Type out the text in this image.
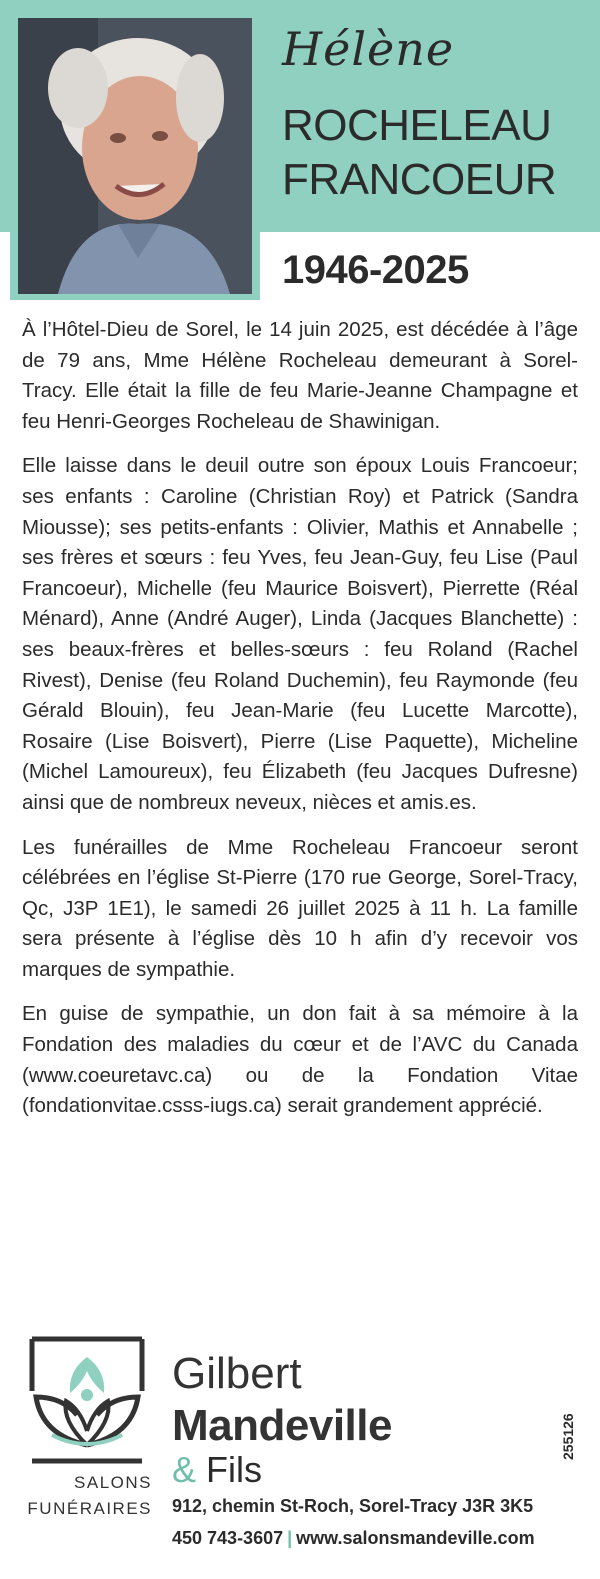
Hélène
ROCHELEAU
FRANCOEUR
1946-2025

À l’Hôtel-Dieu de Sorel, le 14 juin 2025, est décédée à l’âge de 79 ans, Mme Hélène Rocheleau demeurant à Sorel-Tracy. Elle était la fille de feu Marie-Jeanne Champagne et feu Henri-Georges Rocheleau de Shawinigan.

Elle laisse dans le deuil outre son époux Louis Francoeur; ses enfants : Caroline (Christian Roy) et Patrick (Sandra Miousse); ses petits-enfants : Olivier, Mathis et Annabelle ; ses frères et sœurs : feu Yves, feu Jean-Guy, feu Lise (Paul Francoeur), Michelle (feu Maurice Boisvert), Pierrette (Réal Ménard), Anne (André Auger), Linda (Jacques Blanchette) : ses beaux-frères et belles-sœurs : feu Roland (Rachel Rivest), Denise (feu Roland Duchemin), feu Raymonde (feu Gérald Blouin), feu Jean-Marie (feu Lucette Marcotte), Rosaire (Lise Boisvert), Pierre (Lise Paquette), Micheline (Michel Lamoureux), feu Élizabeth (feu Jacques Dufresne) ainsi que de nombreux neveux, nièces et amis.es.

Les funérailles de Mme Rocheleau Francoeur seront célébrées en l’église St-Pierre (170 rue George, Sorel-Tracy, Qc, J3P 1E1), le samedi 26 juillet 2025 à 11 h. La famille sera présente à l’église dès 10 h afin d’y recevoir vos marques de sympathie.

En guise de sympathie, un don fait à sa mémoire à la Fondation des maladies du cœur et de l’AVC du Canada (www.coeuretavc.ca) ou de la Fondation Vitae (fondationvitae.csss-iugs.ca) serait grandement apprécié.

SALONS
FUNÉRAIRES
Gilbert
Mandeville
& Fils
912, chemin St-Roch, Sorel-Tracy J3R 3K5
450 743-3607 | www.salonsmandeville.com
255126
